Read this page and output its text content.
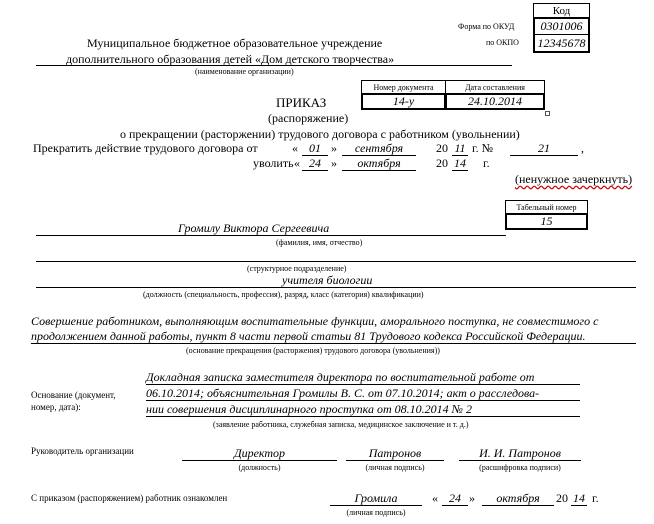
Код
Форма по ОКУД	0301006
по ОКПО 12345678
Муниципальное бюджетное образовательное учреждение
дополнительного образования детей «Дом детского творчества»
(наименование организации)
Номер документа	Дата составления
14-у	24.10.2014
ПРИКАЗ
(распоряжение)
о прекращении (расторжении) трудового договора с работником (увольнении)
Прекратить действие трудового договора от	« 01 »	сентября	20 11 г. №	21	,
уволить « 24 »	октября	20 14 г.
(ненужное зачеркнуть)
Табельный номер
15
Громилу Виктора Сергеевича
(фамилия, имя, отчество)
(структурное подразделение)
учителя биологии
(должность (специальность, профессия), разряд, класс (категория) квалификации)
Совершение работником, выполняющим воспитательные функции, аморального поступка, не совместимого с
продолжением данной работы, пункт 8 части первой статьи 81 Трудового кодекса Российской Федерации.
(основание прекращения (расторжения) трудового договора (увольнения))
Основание (документ,
номер, дата):
Докладная записка заместителя директора по воспитательной работе от
06.10.2014; объяснительная Громилы В. С. от 07.10.2014; акт о расследова-
нии совершения дисциплинарного проступка от 08.10.2014 № 2
(заявление работника, служебная записка, медицинское заключение и т. д.)
Руководитель организации	Директор
(должность)
Патронов
(личная подпись)
И. И. Патронов
(расшифровка подписи)
С приказом (распоряжением) работник ознакомлен	Громила
(личная подпись)
« 24 »	октября	20 14 г.
